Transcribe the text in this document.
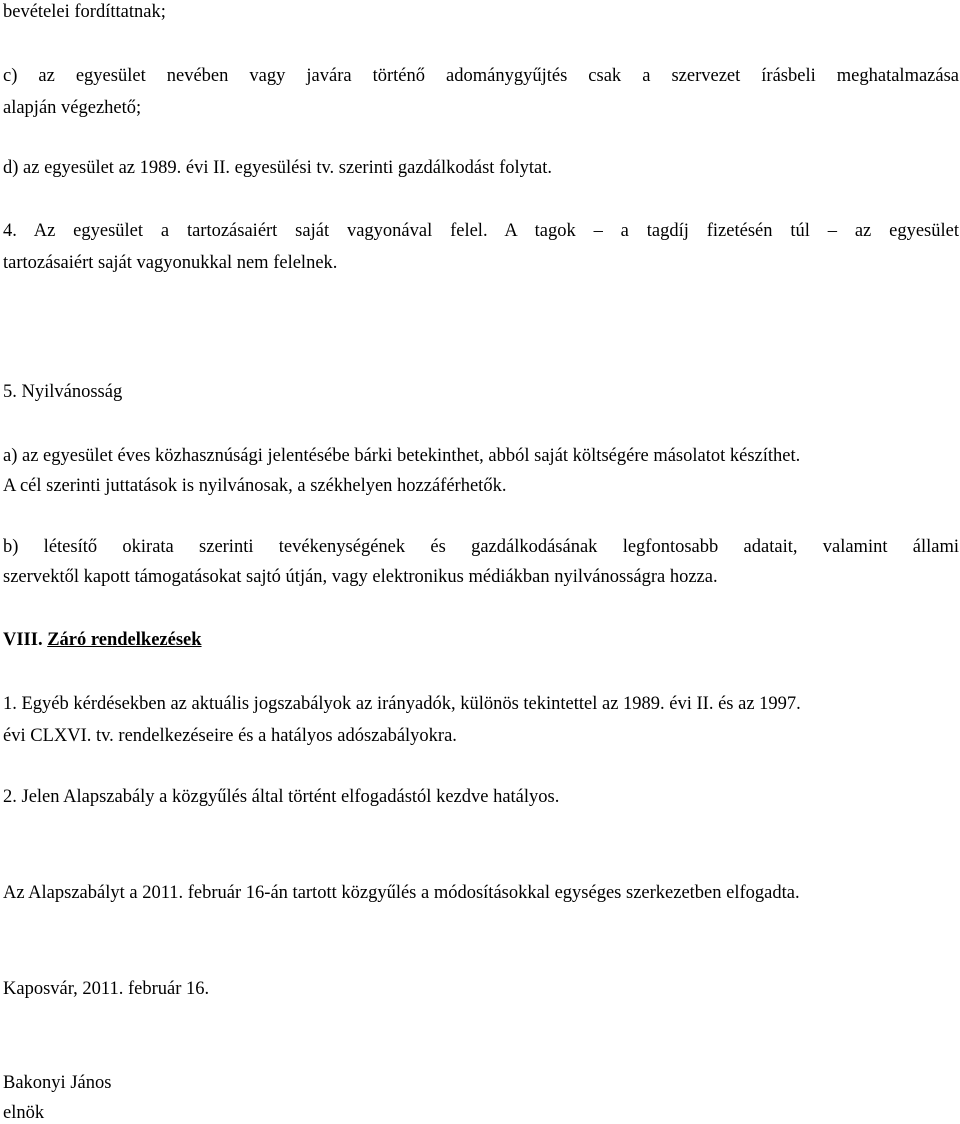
bevételei fordíttatnak;
c) az egyesület nevében vagy javára történő adománygyűjtés csak a szervezet írásbeli meghatalmazása
alapján végezhető;
d) az egyesület az 1989. évi II. egyesülési tv. szerinti gazdálkodást folytat.
4. Az egyesület a tartozásaiért saját vagyonával felel. A tagok – a tagdíj fizetésén túl – az egyesület
tartozásaiért saját vagyonukkal nem felelnek.
5. Nyilvánosság
a) az egyesület éves közhasznúsági jelentésébe bárki betekinthet, abból saját költségére másolatot készíthet.
A cél szerinti juttatások is nyilvánosak, a székhelyen hozzáférhetők.
b) létesítő okirata szerinti tevékenységének és gazdálkodásának legfontosabb adatait, valamint állami
szervektől kapott támogatásokat sajtó útján, vagy elektronikus médiákban nyilvánosságra hozza.
VIII. Záró rendelkezések
1. Egyéb kérdésekben az aktuális jogszabályok az irányadók, különös tekintettel az 1989. évi II. és az 1997.
évi CLXVI. tv. rendelkezéseire és a hatályos adószabályokra.
2. Jelen Alapszabály a közgyűlés által történt elfogadástól kezdve hatályos.
Az Alapszabályt a 2011. február 16-án tartott közgyűlés a módosításokkal egységes szerkezetben elfogadta.
Kaposvár, 2011. február 16.
Bakonyi János
elnök
